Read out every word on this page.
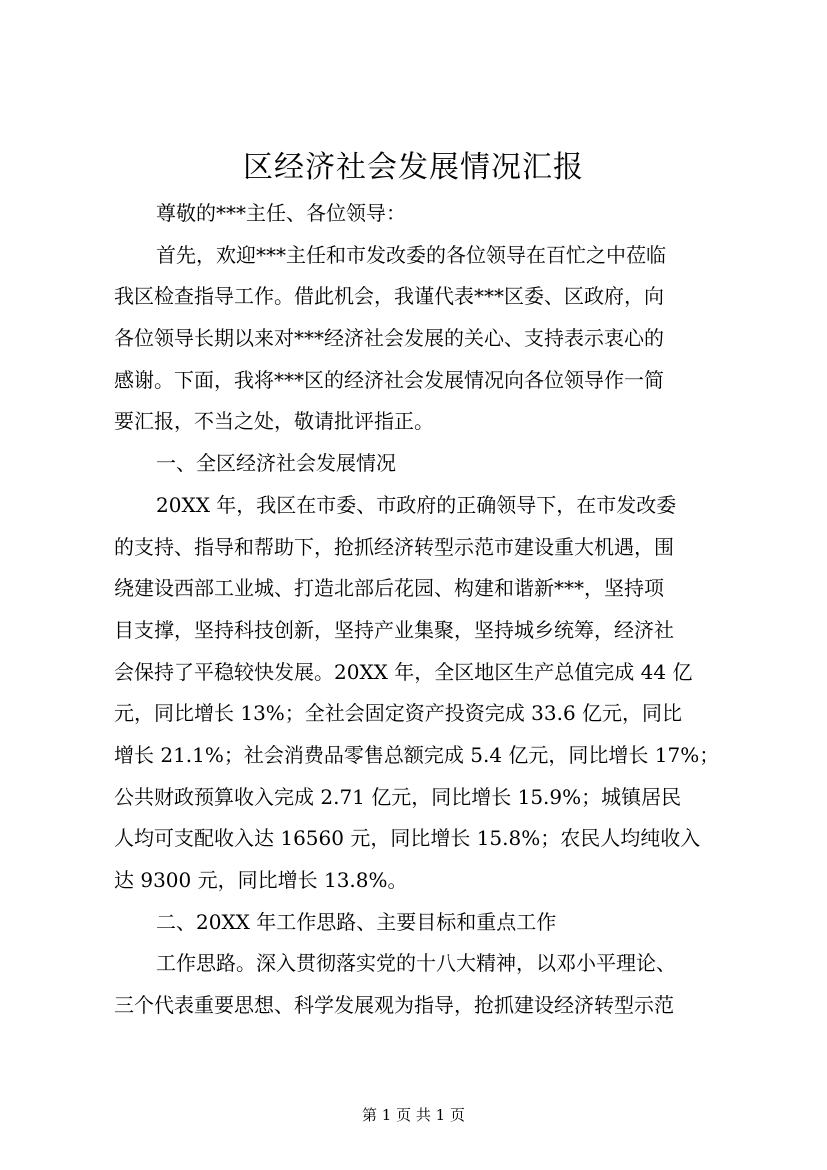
区经济社会发展情况汇报
尊敬的***主任、各位领导：
首先，欢迎***主任和市发改委的各位领导在百忙之中莅临
我区检查指导工作。借此机会，我谨代表***区委、区政府，向
各位领导长期以来对***经济社会发展的关心、支持表示衷心的
感谢。下面，我将***区的经济社会发展情况向各位领导作一简
要汇报，不当之处，敬请批评指正。
一、全区经济社会发展情况
20XX 年，我区在市委、市政府的正确领导下，在市发改委
的支持、指导和帮助下，抢抓经济转型示范市建设重大机遇，围
绕建设西部工业城、打造北部后花园、构建和谐新***，坚持项
目支撑，坚持科技创新，坚持产业集聚，坚持城乡统筹，经济社
会保持了平稳较快发展。20XX 年，全区地区生产总值完成 44 亿
元，同比增长 13%；全社会固定资产投资完成 33.6 亿元，同比
增长 21.1%；社会消费品零售总额完成 5.4 亿元，同比增长 17%；
公共财政预算收入完成 2.71 亿元，同比增长 15.9%；城镇居民
人均可支配收入达 16560 元，同比增长 15.8%；农民人均纯收入
达 9300 元，同比增长 13.8%。
二、20XX 年工作思路、主要目标和重点工作
工作思路。深入贯彻落实党的十八大精神，以邓小平理论、
三个代表重要思想、科学发展观为指导，抢抓建设经济转型示范
第 1 页 共 1 页
